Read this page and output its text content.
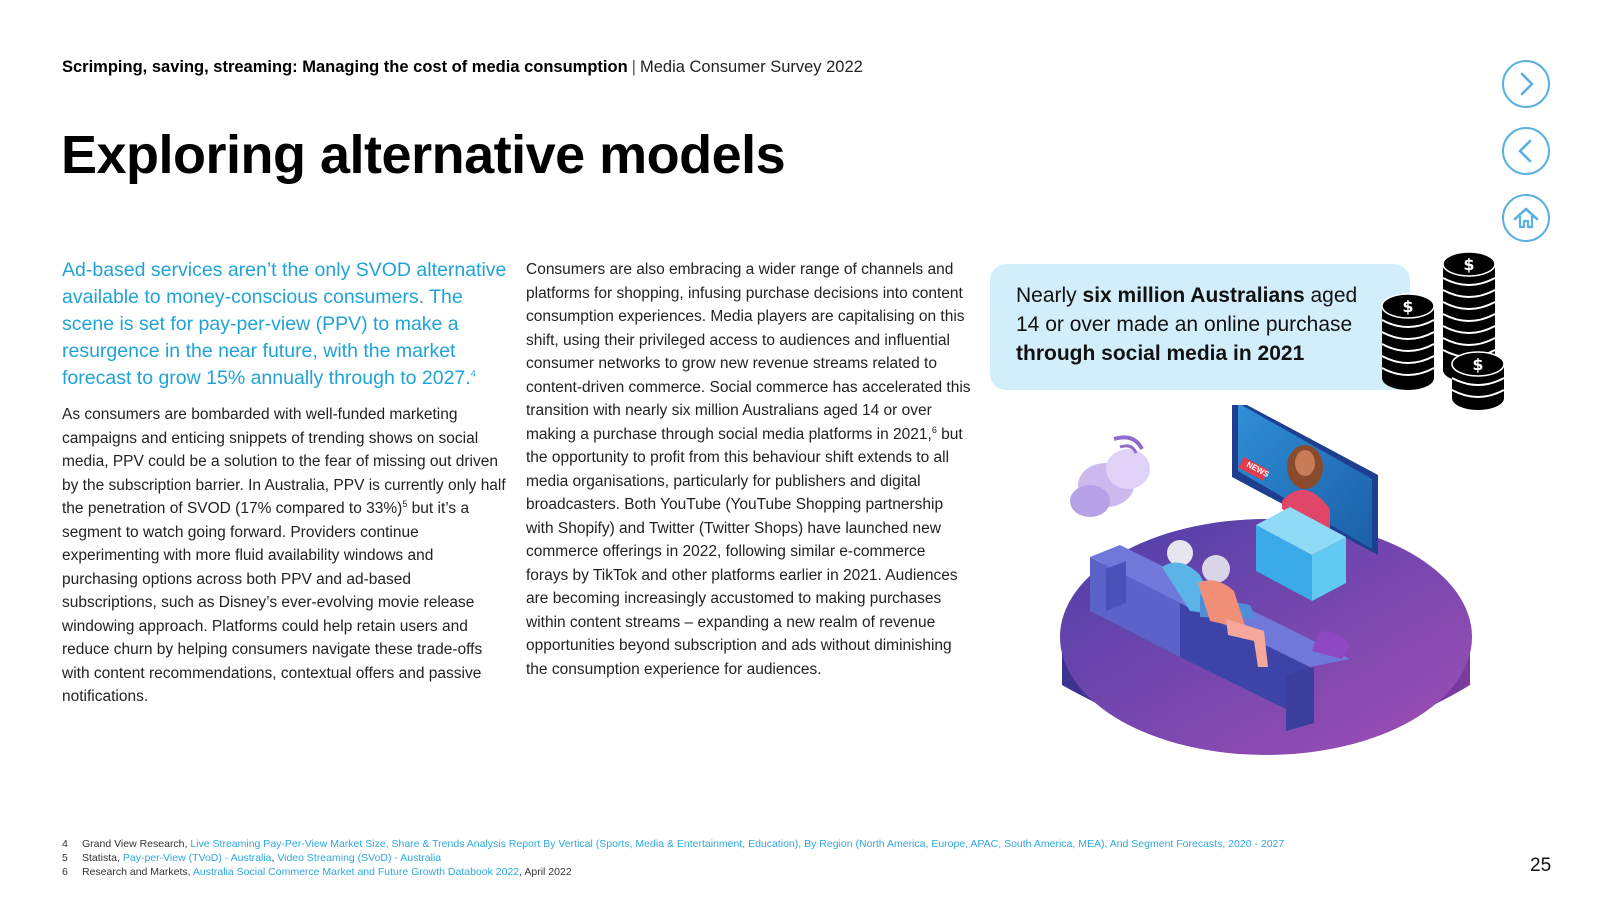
Scrimping, saving, streaming: Managing the cost of media consumption | Media Consumer Survey 2022
Exploring alternative models

Ad-based services aren’t the only SVOD alternative available to money-conscious consumers. The scene is set for pay-per-view (PPV) to make a resurgence in the near future, with the market forecast to grow 15% annually through to 2027.$^4$

As consumers are bombarded with well-funded marketing campaigns and enticing snippets of trending shows on social media, PPV could be a solution to the fear of missing out driven by the subscription barrier. In Australia, PPV is currently only half the penetration of SVOD (17% compared to 33%)$^5$ but it’s a segment to watch going forward. Providers continue experimenting with more fluid availability windows and purchasing options across both PPV and ad-based subscriptions, such as Disney’s ever-evolving movie release windowing approach. Platforms could help retain users and reduce churn by helping consumers navigate these trade-offs with content recommendations, contextual offers and passive notifications.

Consumers are also embracing a wider range of channels and platforms for shopping, infusing purchase decisions into content consumption experiences. Media players are capitalising on this shift, using their privileged access to audiences and influential consumer networks to grow new revenue streams related to content-driven commerce. Social commerce has accelerated this transition with nearly six million Australians aged 14 or over making a purchase through social media platforms in 2021,$^6$ but the opportunity to profit from this behaviour shift extends to all media organisations, particularly for publishers and digital broadcasters. Both YouTube (YouTube Shopping partnership with Shopify) and Twitter (Twitter Shops) have launched new commerce offerings in 2022, following similar e-commerce forays by TikTok and other platforms earlier in 2021. Audiences are becoming increasingly accustomed to making purchases within content streams – expanding a new realm of revenue opportunities beyond subscription and ads without diminishing the consumption experience for audiences.

Nearly six million Australians aged 14 or over made an online purchase through social media in 2021
$
$
$
NEWS
4 Grand View Research, Live Streaming Pay-Per-View Market Size, Share & Trends Analysis Report By Vertical (Sports, Media & Entertainment, Education), By Region (North America, Europe, APAC, South America, MEA), And Segment Forecasts, 2020 - 2027
5 Statista, Pay-per-View (TVoD) - Australia, Video Streaming (SVoD) - Australia
6 Research and Markets, Australia Social Commerce Market and Future Growth Databook 2022, April 2022	25
